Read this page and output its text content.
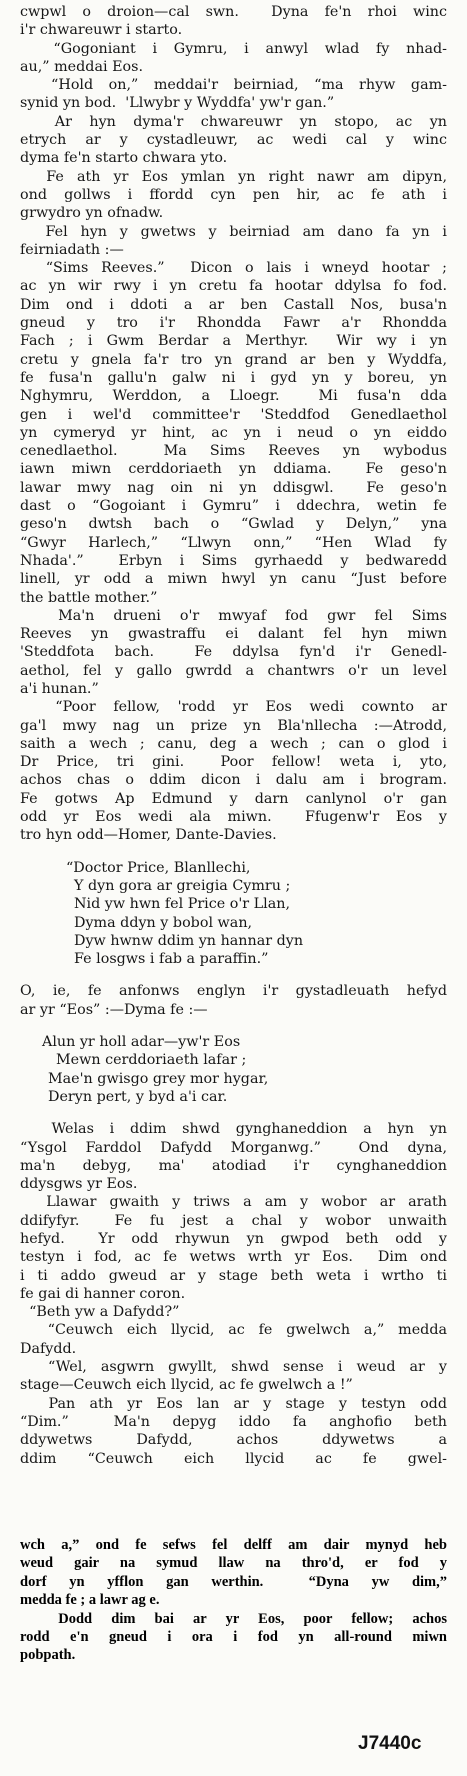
cwpwl o droion—cal swn.  Dyna fe'n rhoi winc
i'r chwareuwr i starto.
“Gogoniant i Gymru, i anwyl wlad fy nhad-
au,” meddai Eos.
“Hold on,” meddai'r beirniad, “ma rhyw gam-
synid yn bod.  'Llwybr y Wyddfa' yw'r gan.”
Ar hyn dyma'r chwareuwr yn stopo, ac yn
etrych ar y cystadleuwr, ac wedi cal y winc
dyma fe'n starto chwara yto.
Fe ath yr Eos ymlan yn right nawr am dipyn,
ond gollws i ffordd cyn pen hir, ac fe ath i
grwydro yn ofnadw.
Fel hyn y gwetws y beirniad am dano fa yn i
feirniadath :—
“Sims Reeves.”  Dicon o lais i wneyd hootar ;
ac yn wir rwy i yn cretu fa hootar ddylsa fo fod.
Dim ond i ddoti a ar ben Castall Nos, busa'n
gneud y tro i'r Rhondda Fawr a'r Rhondda
Fach ; i Gwm Berdar a Merthyr.  Wir wy i yn
cretu y gnela fa'r tro yn grand ar ben y Wyddfa,
fe fusa'n gallu'n galw ni i gyd yn y boreu, yn
Nghymru, Werddon, a Lloegr.  Mi fusa'n dda
gen i wel'd committee'r 'Steddfod Genedlaethol
yn cymeryd yr hint, ac yn i neud o yn eiddo
cenedlaethol.  Ma Sims Reeves yn wybodus
iawn miwn cerddoriaeth yn ddiama.  Fe geso'n
lawar mwy nag oin ni yn ddisgwl.  Fe geso'n
dast o “Gogoiant i Gymru” i ddechra, wetin fe
geso'n dwtsh bach o “Gwlad y Delyn,” yna
“Gwyr Harlech,” “Llwyn onn,” “Hen Wlad fy
Nhada'.”  Erbyn i Sims gyrhaedd y bedwaredd
linell, yr odd a miwn hwyl yn canu “Just before
the battle mother.”
Ma'n drueni o'r mwyaf fod gwr fel Sims
Reeves yn gwastraffu ei dalant fel hyn miwn
'Steddfota bach.  Fe ddylsa fyn'd i'r Genedl-
aethol, fel y gallo gwrdd a chantwrs o'r un level
a'i hunan.”
“Poor fellow, 'rodd yr Eos wedi cownto ar
ga'l mwy nag un prize yn Bla'nllecha :—Atrodd,
saith a wech ; canu, deg a wech ; can o glod i
Dr Price, tri gini.  Poor fellow! weta i, yto,
achos chas o ddim dicon i dalu am i brogram.
Fe gotws Ap Edmund y darn canlynol o'r gan
odd yr Eos wedi ala miwn.  Ffugenw'r Eos y
tro hyn odd—Homer, Dante-Davies.
“Doctor Price, Blanllechi,
Y dyn gora ar greigia Cymru ;
Nid yw hwn fel Price o'r Llan,
Dyma ddyn y bobol wan,
Dyw hwnw ddim yn hannar dyn
Fe losgws i fab a paraffin.”
O, ie, fe anfonws englyn i'r gystadleuath hefyd
ar yr “Eos” :—Dyma fe :—
Alun yr holl adar—yw'r Eos
Mewn cerddoriaeth lafar ;
Mae'n gwisgo grey mor hygar,
Deryn pert, y byd a'i car.
Welas i ddim shwd gynghaneddion a hyn yn
“Ysgol Farddol Dafydd Morganwg.”  Ond dyna,
ma'n debyg, ma' atodiad i'r cynghaneddion
ddysgws yr Eos.
Llawar gwaith y triws a am y wobor ar arath
ddifyfyr.  Fe fu jest a chal y wobor unwaith
hefyd.  Yr odd rhywun yn gwpod beth odd y
testyn i fod, ac fe wetws wrth yr Eos.  Dim ond
i ti addo gweud ar y stage beth weta i wrtho ti
fe gai di hanner coron.
“Beth yw a Dafydd?”
“Ceuwch eich llycid, ac fe gwelwch a,” medda
Dafydd.
“Wel, asgwrn gwyllt, shwd sense i weud ar y
stage—Ceuwch eich llycid, ac fe gwelwch a !”
Pan ath yr Eos lan ar y stage y testyn odd
“Dim.”  Ma'n depyg iddo fa anghofio beth
ddywetws Dafydd, achos ddywetws a
ddim “Ceuwch eich llycid ac fe gwel-
wch a,” ond fe sefws fel delff am dair mynyd heb
weud gair na symud llaw na thro'd, er fod y
dorf yn yfflon gan werthin.  “Dyna yw dim,”
medda fe ; a lawr ag e.
Dodd dim bai ar yr Eos, poor fellow; achos
rodd e'n gneud i ora i fod yn all-round miwn
pobpath.
J7440c
